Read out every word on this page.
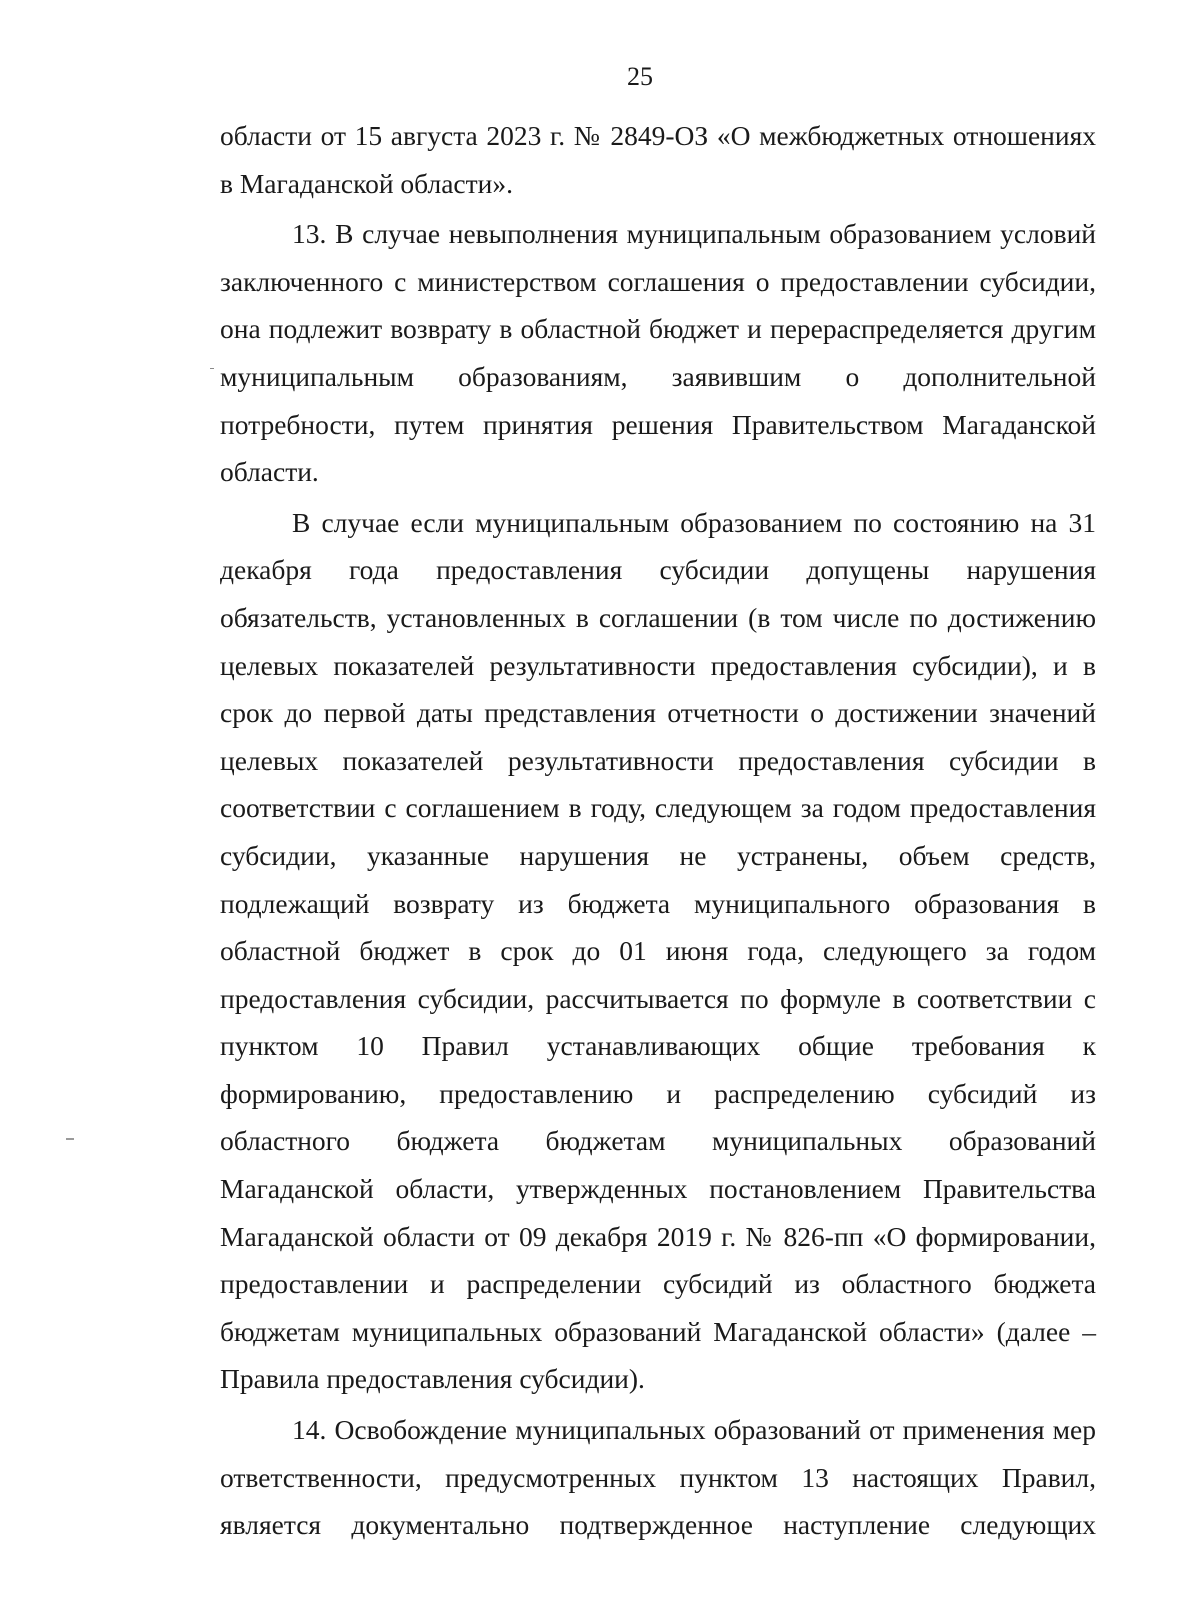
25

области от 15 августа 2023 г. № 2849-ОЗ «О межбюджетных отношениях в Магаданской области».

13. В случае невыполнения муниципальным образованием условий заключенного с министерством соглашения о предоставлении субсидии, она подлежит возврату в областной бюджет и перераспределяется другим муниципальным образованиям, заявившим о дополнительной потребности, путем принятия решения Правительством Магаданской области.

В случае если муниципальным образованием по состоянию на 31 декабря года предоставления субсидии допущены нарушения обязательств, установленных в соглашении (в том числе по достижению целевых показателей результативности предоставления субсидии), и в срок до первой даты представления отчетности о достижении значений целевых показателей результативности предоставления субсидии в соответствии с соглашением в году, следующем за годом предоставления субсидии, указанные нарушения не устранены, объем средств, подлежащий возврату из бюджета муниципального образования в областной бюджет в срок до 01 июня года, следующего за годом предоставления субсидии, рассчитывается по формуле в соответствии с пунктом 10 Правил устанавливающих общие требования к формированию, предоставлению и распределению субсидий из областного бюджета бюджетам муниципальных образований Магаданской области, утвержденных постановлением Правительства Магаданской области от 09 декабря 2019 г. № 826-пп «О формировании, предоставлении и распределении субсидий из областного бюджета бюджетам муниципальных образований Магаданской области» (далее – Правила предоставления субсидии).

14. Освобождение муниципальных образований от применения мер ответственности, предусмотренных пунктом 13 настоящих Правил, является документально подтвержденное наступление следующих
